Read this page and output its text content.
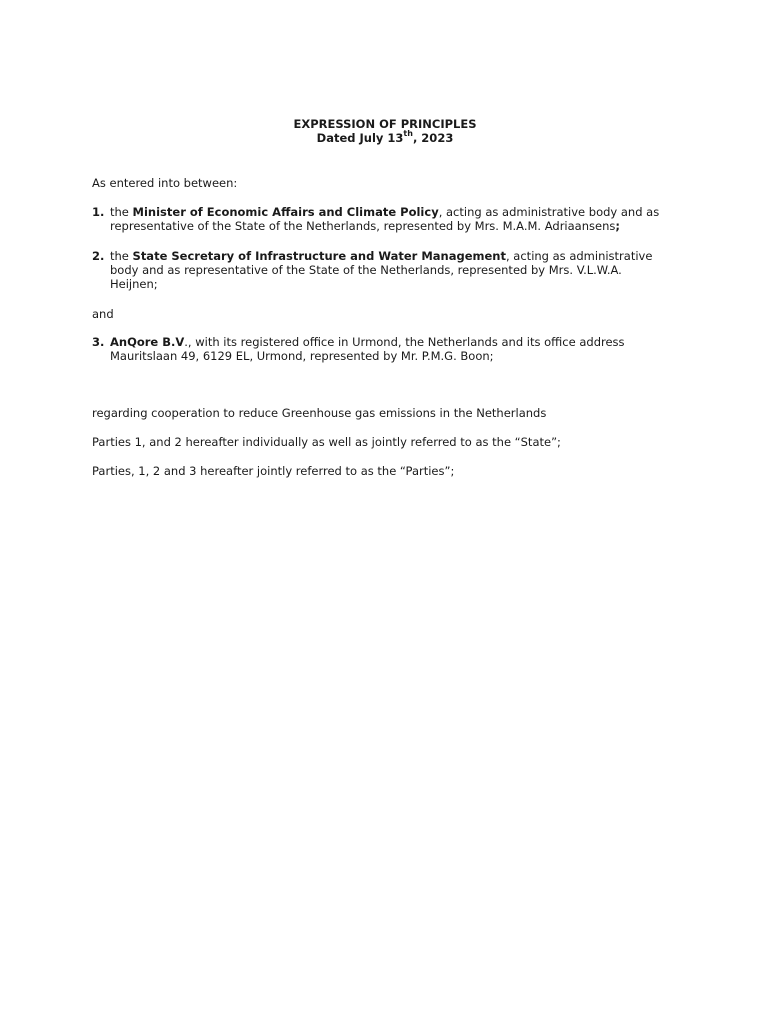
EXPRESSION OF PRINCIPLES
Dated July 13th, 2023

As entered into between:

1. the Minister of Economic Affairs and Climate Policy, acting as administrative body and as
representative of the State of the Netherlands, represented by Mrs. M.A.M. Adriaansens;
2. the State Secretary of Infrastructure and Water Management, acting as administrative
body and as representative of the State of the Netherlands, represented by Mrs. V.L.W.A.
Heijnen;

and

3. AnQore B.V., with its registered office in Urmond, the Netherlands and its office address
Mauritslaan 49, 6129 EL, Urmond, represented by Mr. P.M.G. Boon;

regarding cooperation to reduce Greenhouse gas emissions in the Netherlands

Parties 1, and 2 hereafter individually as well as jointly referred to as the “State”;

Parties, 1, 2 and 3 hereafter jointly referred to as the “Parties”;
